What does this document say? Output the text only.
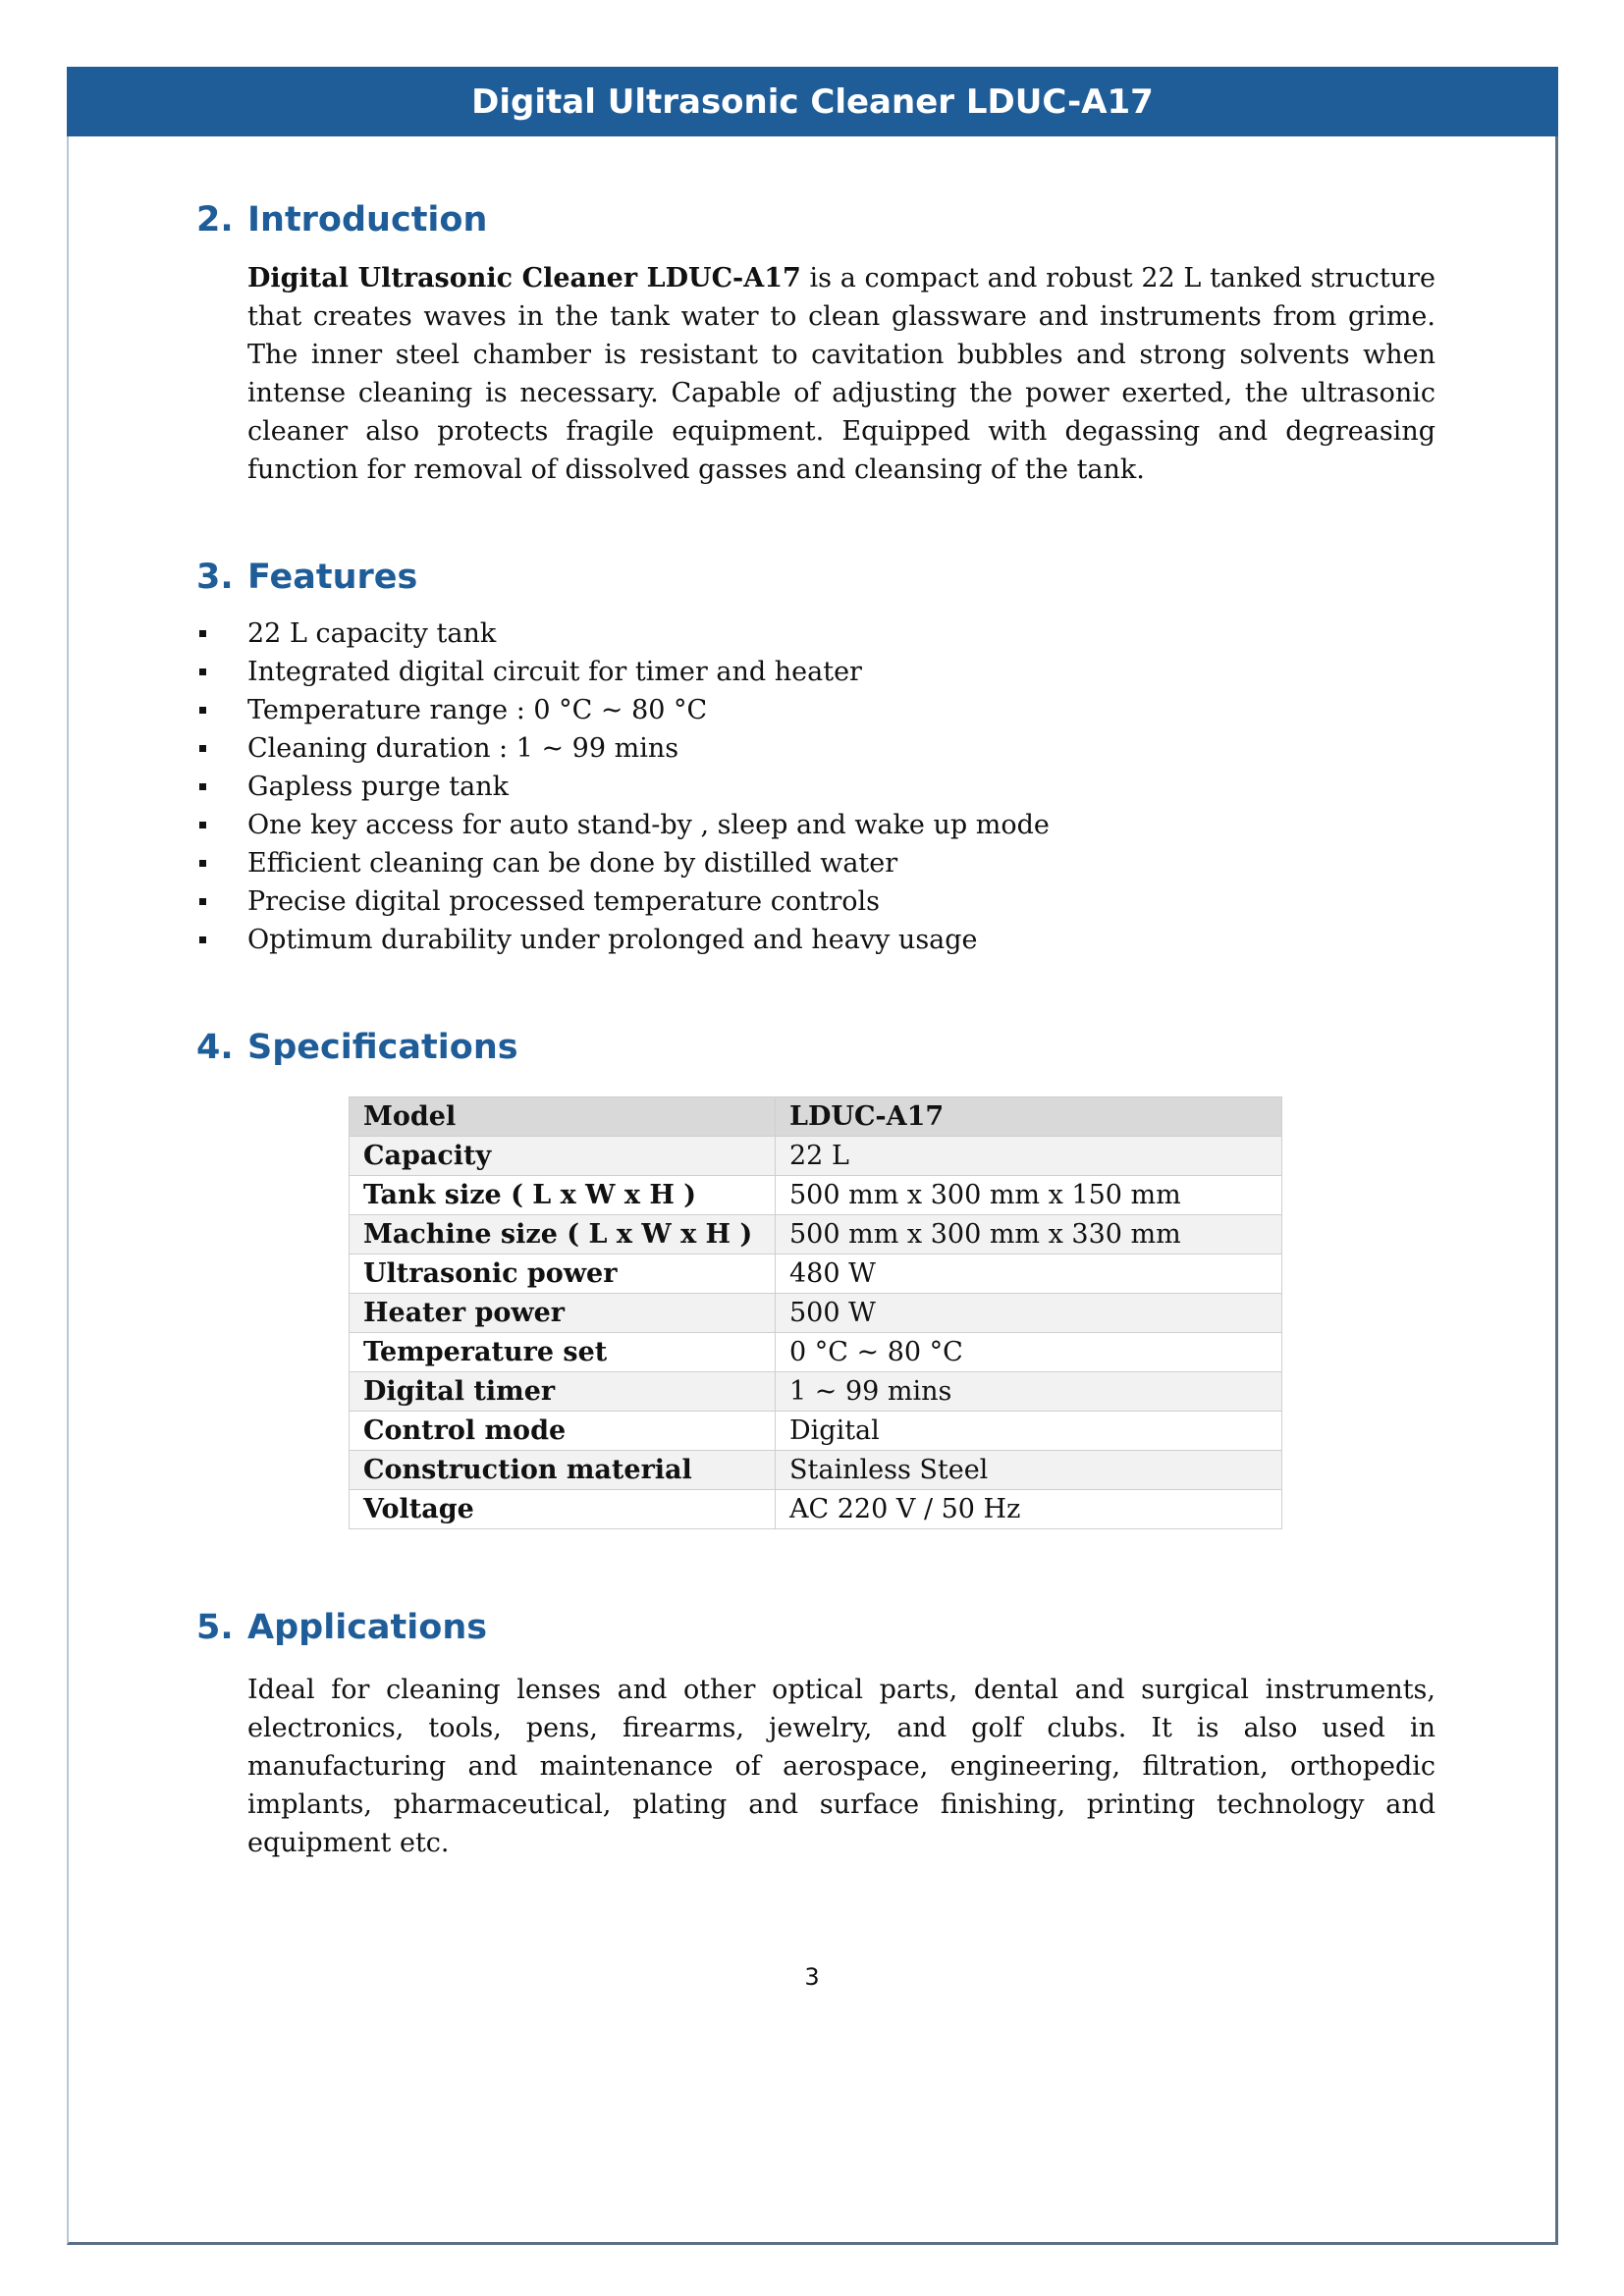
Digital Ultrasonic Cleaner LDUC-A17
2. Introduction

Digital Ultrasonic Cleaner LDUC-A17 is a compact and robust 22 L tanked structure that creates waves in the tank water to clean glassware and instruments from grime. The inner steel chamber is resistant to cavitation bubbles and strong solvents when intense cleaning is necessary. Capable of adjusting the power exerted, the ultrasonic cleaner also protects fragile equipment. Equipped with degassing and degreasing function for removal of dissolved gasses and cleansing of the tank.

3. Features
22 L capacity tank
Integrated digital circuit for timer and heater
Temperature range : 0 °C ~ 80 °C
Cleaning duration : 1 ~ 99 mins
Gapless purge tank
One key access for auto stand-by , sleep and wake up mode
Efficient cleaning can be done by distilled water
Precise digital processed temperature controls
Optimum durability under prolonged and heavy usage
4. Specifications
Model	LDUC-A17
Capacity	22 L
Tank size ( L x W x H )	500 mm x 300 mm x 150 mm
Machine size ( L x W x H )	500 mm x 300 mm x 330 mm
Ultrasonic power	480 W
Heater power	500 W
Temperature set	0 °C ~ 80 °C
Digital timer	1 ~ 99 mins
Control mode	Digital
Construction material	Stainless Steel
Voltage	AC 220 V / 50 Hz
5. Applications

Ideal for cleaning lenses and other optical parts, dental and surgical instruments, electronics, tools, pens, firearms, jewelry, and golf clubs. It is also used in manufacturing and maintenance of aerospace, engineering, filtration, orthopedic implants, pharmaceutical, plating and surface finishing, printing technology and equipment etc.

3
